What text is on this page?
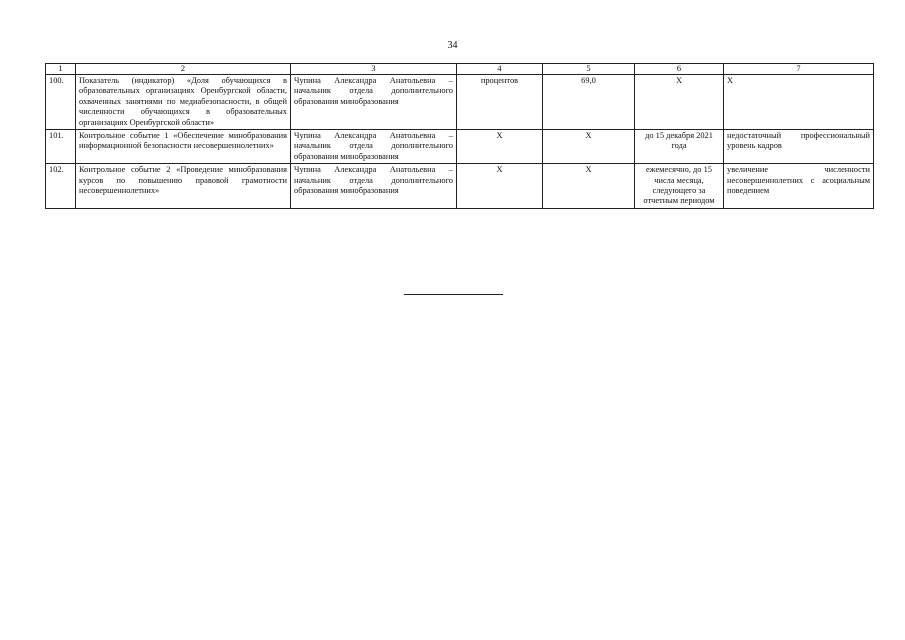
34
1	2	3	4	5	6	7
100.	Показатель (индикатор) «Доля обучающихся в образовательных организациях Оренбургской области, охваченных занятиями по медиабезопасности, в общей численности обучающихся в образовательных организациях Оренбургской области»	Чупина Александра Анатольевна – начальник отдела дополнительного образования минобразования	процентов	69,0	Х	Х
101.	Контрольное событие 1 «Обеспечение минобразования информационной безопасности несовершеннолетних»	Чупина Александра Анатольевна – начальник отдела дополнительного образования минобразования	Х	Х	до 15 декабря 2021 года	недостаточный профессиональный уровень кадров
102.	Контрольное событие 2 «Проведение минобразования курсов по повышению правовой грамотности несовершеннолетних»	Чупина Александра Анатольевна – начальник отдела дополнительного образования минобразования	Х	Х	ежемесячно, до 15 числа месяца, следующего за отчетным периодом	увеличение численности несовершеннолетних с асоциальным поведением
